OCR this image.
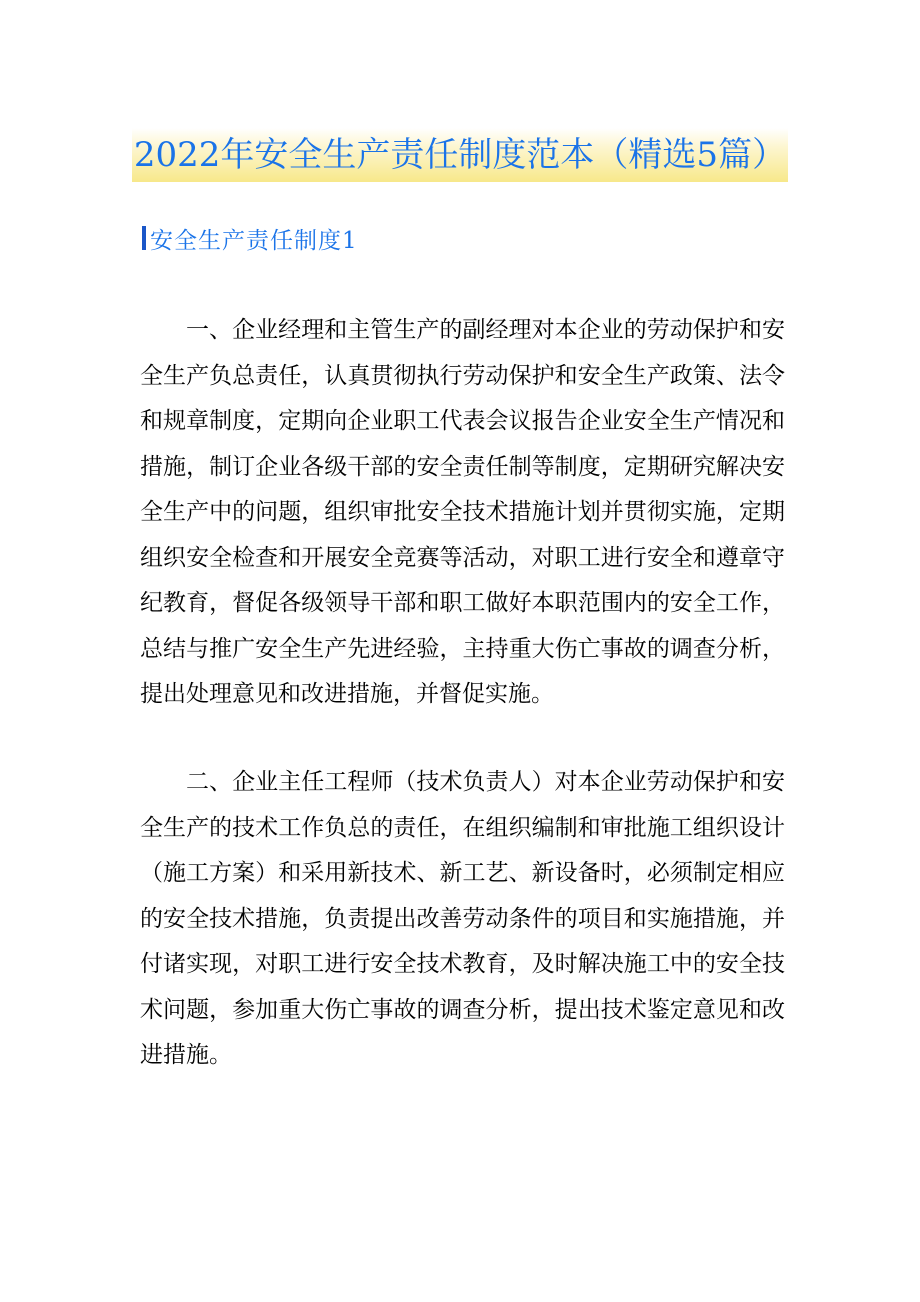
2022年安全生产责任制度范本（精选5篇）
安全生产责任制度1

一、企业经理和主管生产的副经理对本企业的劳动保护和安全生产负总责任，认真贯彻执行劳动保护和安全生产政策、法令和规章制度，定期向企业职工代表会议报告企业安全生产情况和措施，制订企业各级干部的安全责任制等制度，定期研究解决安全生产中的问题，组织审批安全技术措施计划并贯彻实施，定期组织安全检查和开展安全竞赛等活动，对职工进行安全和遵章守纪教育，督促各级领导干部和职工做好本职范围内的安全工作，总结与推广安全生产先进经验，主持重大伤亡事故的调查分析，提出处理意见和改进措施，并督促实施。

二、企业主任工程师（技术负责人）对本企业劳动保护和安全生产的技术工作负总的责任，在组织编制和审批施工组织设计（施工方案）和采用新技术、新工艺、新设备时，必须制定相应的安全技术措施，负责提出改善劳动条件的项目和实施措施，并付诸实现，对职工进行安全技术教育，及时解决施工中的安全技术问题，参加重大伤亡事故的调查分析，提出技术鉴定意见和改进措施。
